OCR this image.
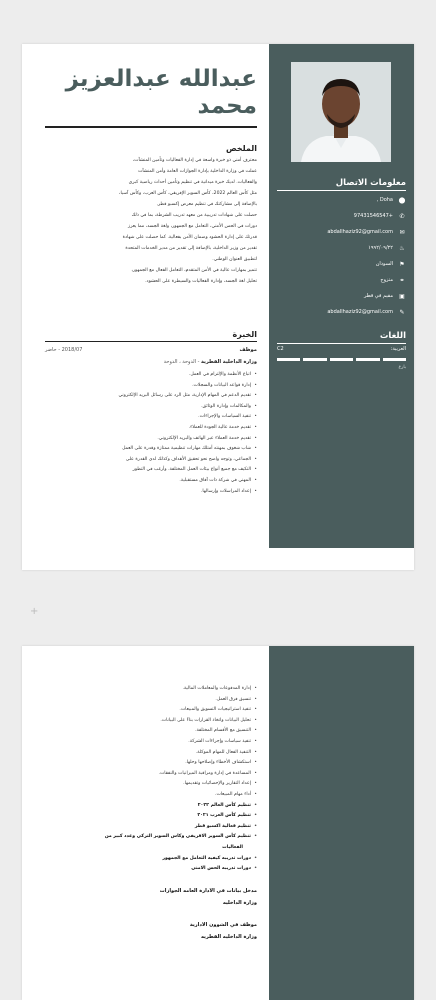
معلومات الاتصال
⬤
Doha ,
✆
+97431546547
✉
abdallhaziz92@gmail.com
♨
١٩٩٢/٠٩/٢٢
⚑
السودان
⚭
متزوج
▣
مقيم في قطر
✎
abdallhaziz92@gmail.com
اللغات
العربية:
C2
بارع
عبدالله عبدالعزيز
محمد
الملخص
محترف أمني ذو خبرة واسعة في إدارة الفعاليات وتأمين المنشآت،
عملت في وزارة الداخلية بإدارة الجوازات العامة وأمن المنشآت
والفعاليات. لديك خبرة ميدانية في تنظيم وتأمين أحداث رياضية كبرى
مثل كأس العالم 2022، كأس السوبر الإفريقي، كأس العرب، وكأس آسيا،
بالإضافة إلى مشاركتك في تنظيم معرض إكسبو قطر.
حصلت على شهادات تدريبية من معهد تدريب الشرطة، بما في ذلك
دورات في الحس الأمني، التعامل مع الجمهور، ولغة الجسد، مما يعزز
قدرتك على إدارة الحشود وضمان الأمن بفعالية. كما حصلت على شهادة
تقدير من وزير الداخلية، بالإضافة إلى تقدير من مدير الخدمات المتحدة
لتطبيق العنوان الوطني.
تتميز بمهارات عالية في الأمن المتقدم، التعامل الفعال مع الجمهور،
تحليل لغة الجسد، وإدارة الفعاليات والسيطرة على الحشود.
الخبرة
موظف
2018/07 - حاضر
وزارة الداخلية القطرية - الدوحة ، الدوحة
• اتباع الأنظمة والإلتزام في العمل.
• إدارة قواعد البيانات والسجلات.
• تقديم الدعم في المهام الإدارية، مثل الرد على رسائل البريد الإلكتروني
• والمكالمات وإدارة الوثائق.
• تنفيذ السياسات والإجراءات.
• تقديم خدمة عالية الجودة للعملاء.
• تقديم خدمة العملاء عبر الهاتف والبريد الإلكتروني.
• شاب شغوف بمهنته أمتلك مهارات تنظيمية ممتازة وقدرة على العمل
• الجماعي، وتوجه واضح نحو تحقيق الأهداف وكذلك لدي القدرة على
• التكيف مع جميع أنواع بيئات العمل المختلفة. وأرغب في التطور
• المهني في شركة ذات آفاق مستقبلية.
• إعداد المراسلات وإرسالها.
+
• إدارة المدفوعات والمعاملات المالية.
• تنسيق فرق العمل.
• تنفيذ استراتيجيات التسويق والمبيعات.
• تحليل البيانات واتخاذ القرارات بناءً على البيانات.
• التنسيق مع الأقسام المختلفة.
• تنفيذ سياسات وإجراءات الشركة.
• التنفيذ الفعال للمهام الموكلة.
• استكشاف الأخطاء وإصلاحها وحلها.
• المساعدة في إدارة ومراقبة الميزانيات والنفقات.
• إعداد التقارير والإحصائيات وتقديمها.
• أداء مهام المبيعات.
• تنظيم كأس العالم ٢٠٢٢
• تنظيم كأس العرب ٢٠٢١
• تنظيم فعالية اكسبو قطر
• تنظيم كأس السوبر الافريقي وكاس السوبر التركي وعدد كبير من
الفعاليات
• دورات تدريبه كيفيه التعامل مع الجمهور
• دورات تدريبه الحس الامني
مدخل بيانات في الادارة العامه الجوازات
وزارة الداخليه
موظف في الشوون الادارية
وزارة الداخليه القطريه
